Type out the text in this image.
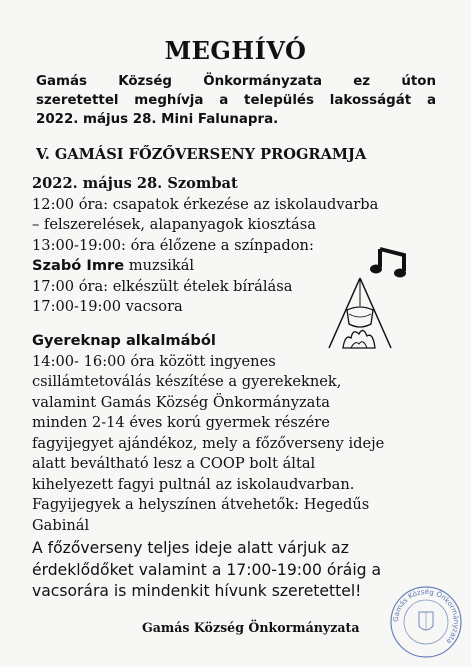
MEGHÍVÓ
Gamás Község Önkormányzata ez úton
szeretettel meghívja a település lakosságát a
2022. május 28. Mini Falunapra.
V. GAMÁSI FŐZŐVERSENY PROGRAMJA
2022. május 28. Szombat
12:00 óra: csapatok érkezése az iskolaudvarba
– felszerelések, alapanyagok kiosztása
13:00-19:00: óra élőzene a színpadon:
Szabó Imre muzsikál
17:00 óra: elkészült ételek bírálása
17:00-19:00 vacsora
Gyereknap alkalmából
14:00- 16:00 óra között ingyenes
csillámtetoválás készítése a gyerekeknek,
valamint Gamás Község Önkormányzata
minden 2-14 éves korú gyermek részére
fagyijegyet ajándékoz, mely a főzőverseny ideje
alatt beváltható lesz a COOP bolt által
kihelyezett fagyi pultnál az iskolaudvarban.
Fagyijegyek a helyszínen átvehetők: Hegedűs
Gabinál
A főzőverseny teljes ideje alatt várjuk az
érdeklődőket valamint a 17:00-19:00 óráig a
vacsorára is mindenkit hívunk szeretettel!
Gamás Község Önkormányzata
Gamás Község Önkormányzata
